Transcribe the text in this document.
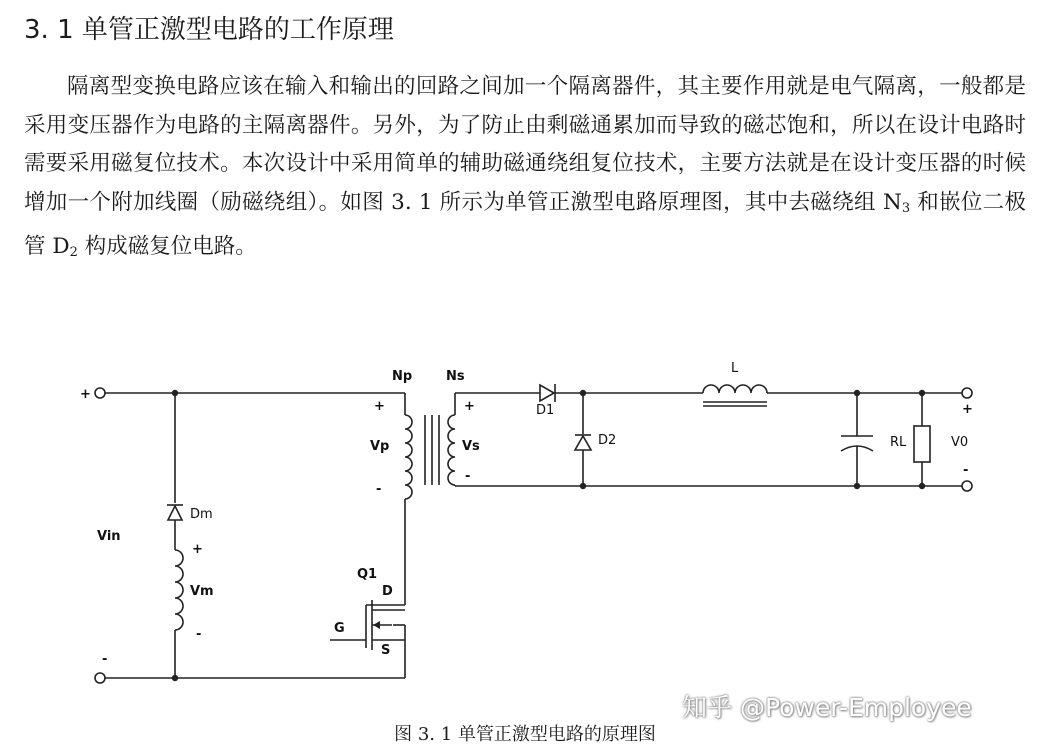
3. 1 单管正激型电路的工作原理

隔离型变换电路应该在输入和输出的回路之间加一个隔离器件，其主要作用就是电气隔离，一般都是采用变压器作为电路的主隔离器件。另外，为了防止由剩磁通累加而导致的磁芯饱和，所以在设计电路时需要采用磁复位技术。本次设计中采用简单的辅助磁通绕组复位技术，主要方法就是在设计变压器的时候增加一个附加线圈（励磁绕组）。如图 3. 1 所示为单管正激型电路原理图，其中去磁绕组 $N_3$ 和嵌位二极管 $D_2$ 构成磁复位电路。

+
-
Vin
Dm
+
Vm
-
Q1
D
G
S
Np
+
Vp
-
Ns
+
Vs
-
D1
D2
L
RL	V0
+
-
知乎 @Power-Employee
图 3. 1 单管正激型电路的原理图
